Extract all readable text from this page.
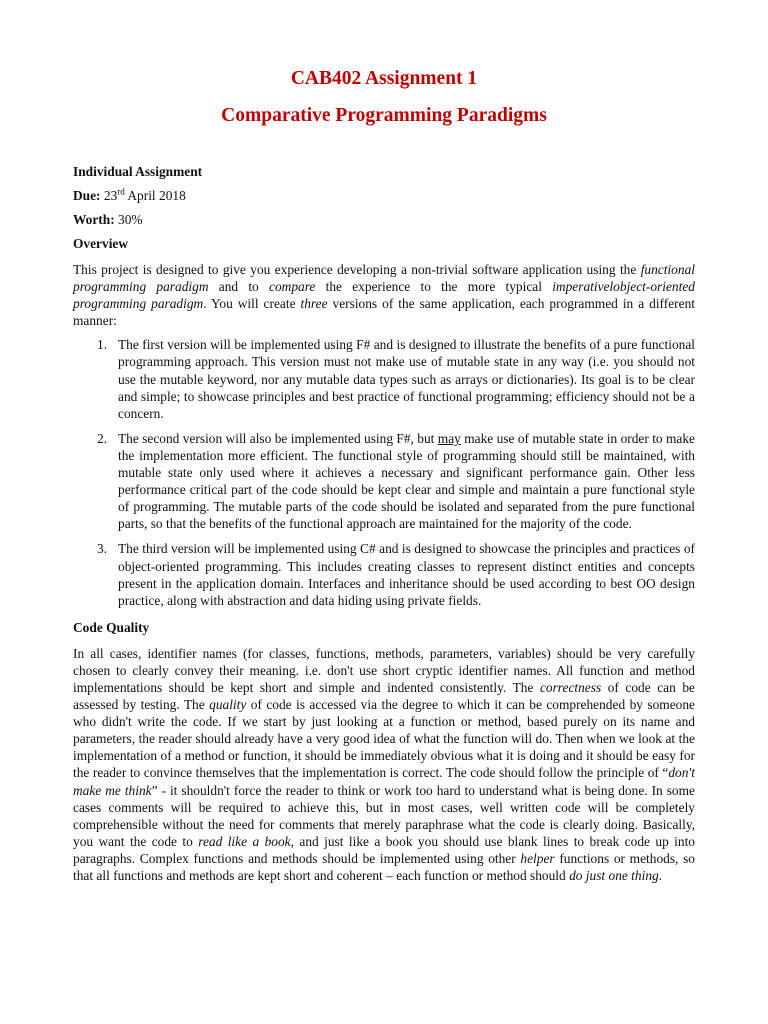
CAB402 Assignment 1
Comparative Programming Paradigms

Individual Assignment

Due: 23rd April 2018

Worth: 30%

Overview

This project is designed to give you experience developing a non-trivial software application using the functional programming paradigm and to compare the experience to the more typical imperativelobject-oriented programming paradigm. You will create three versions of the same application, each programmed in a different manner:

1. The first version will be implemented using F# and is designed to illustrate the benefits of a pure functional programming approach. This version must not make use of mutable state in any way (i.e. you should not use the mutable keyword, nor any mutable data types such as arrays or dictionaries). Its goal is to be clear and simple; to showcase principles and best practice of functional programming; efficiency should not be a concern.
2. The second version will also be implemented using F#, but may make use of mutable state in order to make the implementation more efficient. The functional style of programming should still be maintained, with mutable state only used where it achieves a necessary and significant performance gain. Other less performance critical part of the code should be kept clear and simple and maintain a pure functional style of programming. The mutable parts of the code should be isolated and separated from the pure functional parts, so that the benefits of the functional approach are maintained for the majority of the code.
3. The third version will be implemented using C# and is designed to showcase the principles and practices of object-oriented programming. This includes creating classes to represent distinct entities and concepts present in the application domain. Interfaces and inheritance should be used according to best OO design practice, along with abstraction and data hiding using private fields.

Code Quality

In all cases, identifier names (for classes, functions, methods, parameters, variables) should be very carefully chosen to clearly convey their meaning. i.e. don't use short cryptic identifier names. All function and method implementations should be kept short and simple and indented consistently. The correctness of code can be assessed by testing. The quality of code is accessed via the degree to which it can be comprehended by someone who didn't write the code. If we start by just looking at a function or method, based purely on its name and parameters, the reader should already have a very good idea of what the function will do. Then when we look at the implementation of a method or function, it should be immediately obvious what it is doing and it should be easy for the reader to convince themselves that the implementation is correct. The code should follow the principle of “don't make me think” - it shouldn't force the reader to think or work too hard to understand what is being done. In some cases comments will be required to achieve this, but in most cases, well written code will be completely comprehensible without the need for comments that merely paraphrase what the code is clearly doing. Basically, you want the code to read like a book, and just like a book you should use blank lines to break code up into paragraphs. Complex functions and methods should be implemented using other helper functions or methods, so that all functions and methods are kept short and coherent – each function or method should do just one thing.
